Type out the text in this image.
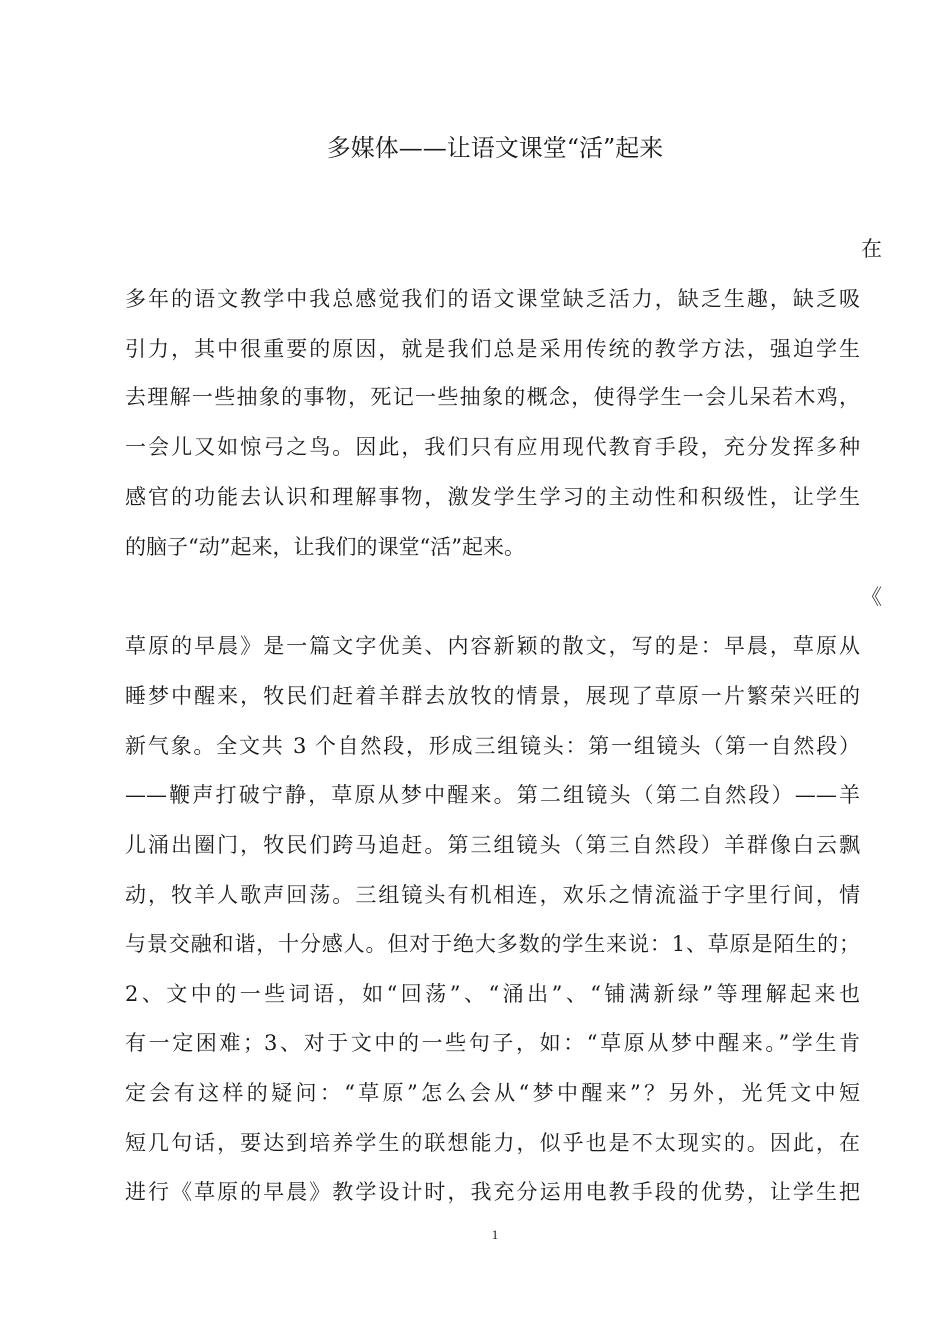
多媒体——让语文课堂“活”起来
在
多年的语文教学中我总感觉我们的语文课堂缺乏活力，缺乏生趣，缺乏吸
引力，其中很重要的原因，就是我们总是采用传统的教学方法，强迫学生
去理解一些抽象的事物，死记一些抽象的概念，使得学生一会儿呆若木鸡，
一会儿又如惊弓之鸟。因此，我们只有应用现代教育手段，充分发挥多种
感官的功能去认识和理解事物，激发学生学习的主动性和积级性，让学生
的脑子“动”起来，让我们的课堂“活”起来。
《
草原的早晨》是一篇文字优美、内容新颖的散文，写的是：早晨，草原从
睡梦中醒来，牧民们赶着羊群去放牧的情景，展现了草原一片繁荣兴旺的
新气象。全文共 3 个自然段，形成三组镜头：第一组镜头（第一自然段）
——鞭声打破宁静，草原从梦中醒来。第二组镜头（第二自然段）——羊
儿涌出圈门，牧民们跨马追赶。第三组镜头（第三自然段）羊群像白云飘
动，牧羊人歌声回荡。三组镜头有机相连，欢乐之情流溢于字里行间，情
与景交融和谐，十分感人。但对于绝大多数的学生来说：1、草原是陌生的；
2、文中的一些词语，如“回荡”、“涌出”、“铺满新绿”等理解起来也
有一定困难；3、对于文中的一些句子，如：“草原从梦中醒来。”学生肯
定会有这样的疑问：“草原”怎么会从“梦中醒来”？另外，光凭文中短
短几句话，要达到培养学生的联想能力，似乎也是不太现实的。因此，在
进行《草原的早晨》教学设计时，我充分运用电教手段的优势，让学生把
1
